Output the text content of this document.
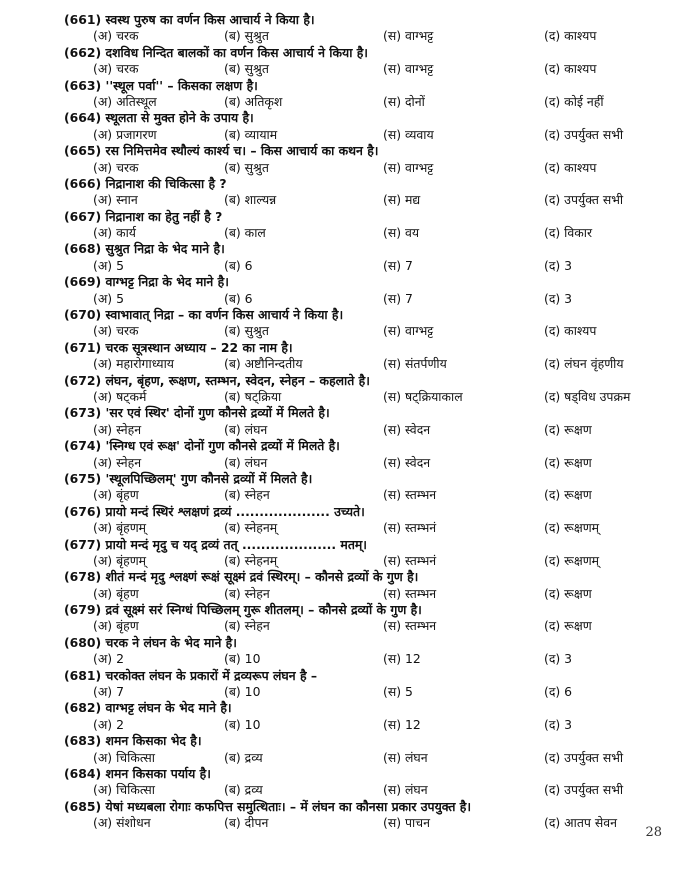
(661) स्वस्थ पुरुष का वर्णन किस आचार्य ने किया है।
(अ) चरक	(ब) सुश्रुत	(स) वाग्भट्ट	(द) काश्यप
(662) दशविध निन्दित बालकों का वर्णन किस आचार्य ने किया है।
(अ) चरक	(ब) सुश्रुत	(स) वाग्भट्ट	(द) काश्यप
(663) ''स्थूल पर्वा'' – किसका लक्षण है।
(अ) अतिस्थूल	(ब) अतिकृश	(स) दोनों	(द) कोई नहीं
(664) स्थूलता से मुक्त होने के उपाय है।
(अ) प्रजागरण	(ब) व्यायाम	(स) व्यवाय	(द) उपर्युक्त सभी
(665) रस निमित्तमेव स्थौल्यं कार्श्य च। – किस आचार्य का कथन है।
(अ) चरक	(ब) सुश्रुत	(स) वाग्भट्ट	(द) काश्यप
(666) निद्रानाश की चिकित्सा है ?
(अ) स्नान	(ब) शाल्यन्न	(स) मद्य	(द) उपर्युक्त सभी
(667) निद्रानाश का हेतु नहीं है ?
(अ) कार्य	(ब) काल	(स) वय	(द) विकार
(668) सुश्रुत निद्रा के भेद माने है।
(अ) 5	(ब) 6	(स) 7	(द) 3
(669) वाग्भट्ट निद्रा के भेद माने है।
(अ) 5	(ब) 6	(स) 7	(द) 3
(670) स्वाभावात् निद्रा – का वर्णन किस आचार्य ने किया है।
(अ) चरक	(ब) सुश्रुत	(स) वाग्भट्ट	(द) काश्यप
(671) चरक सूत्रस्थान अध्याय – 22 का नाम है।
(अ) महारोगाध्याय	(ब) अष्टौनिन्दतीय	(स) संतर्पणीय	(द) लंघन वृंहणीय
(672) लंघन, बृंहण, रूक्षण, स्तम्भन, स्वेदन, स्नेहन – कहलाते है।
(अ) षट्कर्म	(ब) षट्क्रिया	(स) षट्क्रियाकाल	(द) षड्विध उपक्रम
(673) 'सर एवं स्थिर' दोनों गुण कौनसे द्रव्यों में मिलते है।
(अ) स्नेहन	(ब) लंघन	(स) स्वेदन	(द) रूक्षण
(674) 'स्निग्ध एवं रूक्ष' दोनों गुण कौनसे द्रव्यों में मिलते है।
(अ) स्नेहन	(ब) लंघन	(स) स्वेदन	(द) रूक्षण
(675) 'स्थूलपिच्छिलम्' गुण कौनसे द्रव्यों में मिलते है।
(अ) बृंहण	(ब) स्नेहन	(स) स्तम्भन	(द) रूक्षण
(676) प्रायो मन्दं स्थिरं श्लक्षणं द्रव्यं .................... उच्यते।
(अ) बृंहणम्	(ब) स्नेहनम्	(स) स्तम्भनं	(द) रूक्षणम्
(677) प्रायो मन्दं मृदु च यद् द्रव्यं तत् .................... मतम्।
(अ) बृंहणम्	(ब) स्नेहनम्	(स) स्तम्भनं	(द) रूक्षणम्
(678) शीतं मन्दं मृदु श्लक्ष्णं रूक्षं सूक्ष्मं द्रवं स्थिरम्। – कौनसे द्रव्यों के गुण है।
(अ) बृंहण	(ब) स्नेहन	(स) स्तम्भन	(द) रूक्षण
(679) द्रवं सूक्ष्मं सरं स्निग्धं पिच्छिलम् गुरू शीतलम्। – कौनसे द्रव्यों के गुण है।
(अ) बृंहण	(ब) स्नेहन	(स) स्तम्भन	(द) रूक्षण
(680) चरक ने लंघन के भेद माने है।
(अ) 2	(ब) 10	(स) 12	(द) 3
(681) चरकोक्त लंघन के प्रकारों में द्रव्यरूप लंघन है –
(अ) 7	(ब) 10	(स) 5	(द) 6
(682) वाग्भट्ट लंघन के भेद माने है।
(अ) 2	(ब) 10	(स) 12	(द) 3
(683) शमन किसका भेद है।
(अ) चिकित्सा	(ब) द्रव्य	(स) लंघन	(द) उपर्युक्त सभी
(684) शमन किसका पर्याय है।
(अ) चिकित्सा	(ब) द्रव्य	(स) लंघन	(द) उपर्युक्त सभी
(685) येषां मध्यबला रोगाः कफपित्त समुत्थिताः। – में लंघन का कौनसा प्रकार उपयुक्त है।
(अ) संशोधन	(ब) दीपन	(स) पाचन	(द) आतप सेवन
28
